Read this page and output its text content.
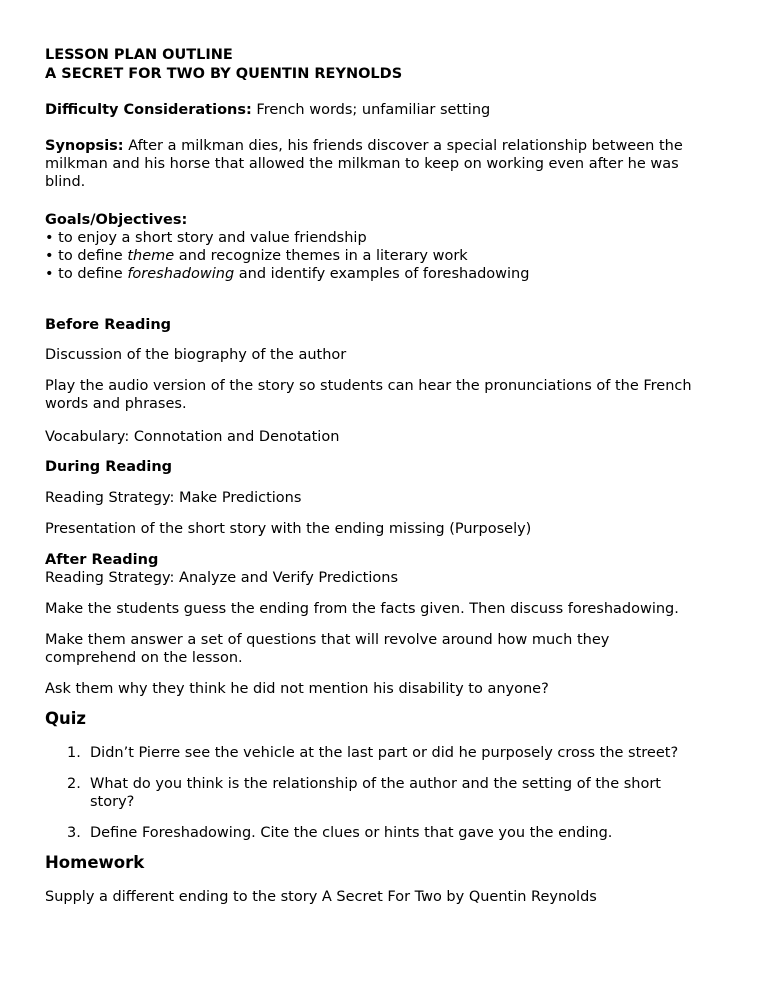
LESSON PLAN OUTLINE
A SECRET FOR TWO BY QUENTIN REYNOLDS
Difficulty Considerations: French words; unfamiliar setting
Synopsis: After a milkman dies, his friends discover a special relationship between the
milkman and his horse that allowed the milkman to keep on working even after he was
blind.
Goals/Objectives:
• to enjoy a short story and value friendship
• to define theme and recognize themes in a literary work
• to define foreshadowing and identify examples of foreshadowing
Before Reading
Discussion of the biography of the author
Play the audio version of the story so students can hear the pronunciations of the French
words and phrases.
Vocabulary: Connotation and Denotation
During Reading
Reading Strategy: Make Predictions
Presentation of the short story with the ending missing (Purposely)
After Reading
Reading Strategy: Analyze and Verify Predictions
Make the students guess the ending from the facts given. Then discuss foreshadowing.
Make them answer a set of questions that will revolve around how much they
comprehend on the lesson.
Ask them why they think he did not mention his disability to anyone?
Quiz
1. Didn’t Pierre see the vehicle at the last part or did he purposely cross the street?
2. What do you think is the relationship of the author and the setting of the short
story?
3. Define Foreshadowing. Cite the clues or hints that gave you the ending.
Homework
Supply a different ending to the story A Secret For Two by Quentin Reynolds
